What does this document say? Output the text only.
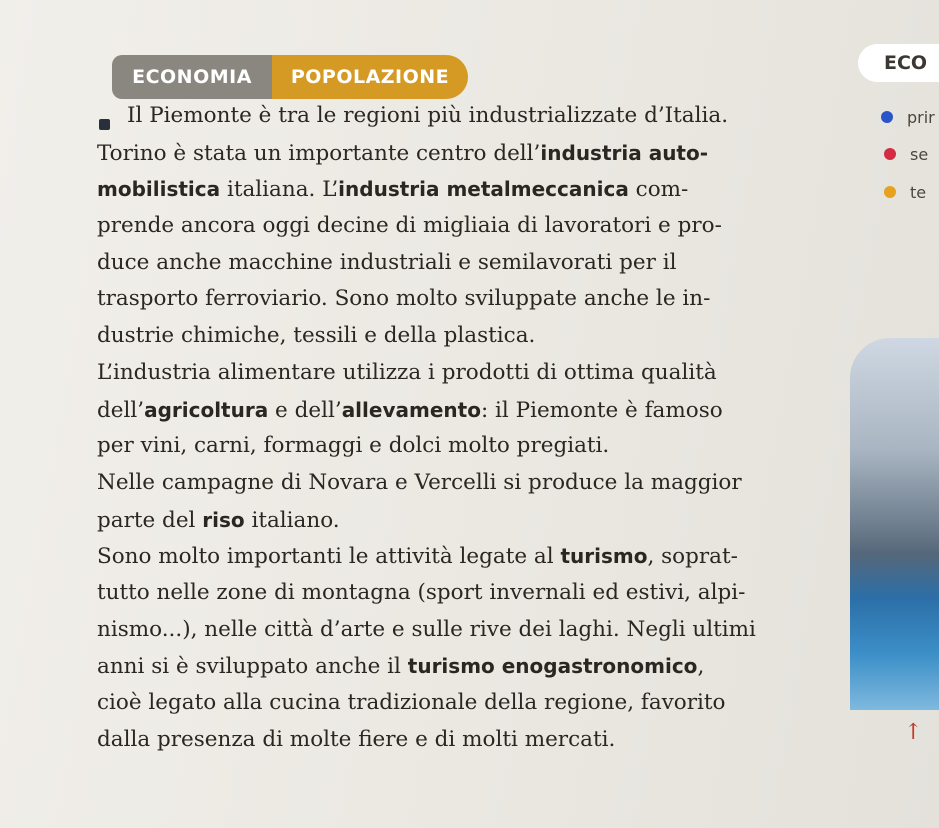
ECONOMIA POPOLAZIONE
ECO
prir
se
te
Il Piemonte è tra le regioni più industrializzate d’Italia.
Torino è stata un importante centro dell’industria auto-
mobilistica italiana. L’industria metalmeccanica com-
prende ancora oggi decine di migliaia di lavoratori e pro-
duce anche macchine industriali e semilavorati per il
trasporto ferroviario. Sono molto sviluppate anche le in-
dustrie chimiche, tessili e della plastica.
L’industria alimentare utilizza i prodotti di ottima qualità
dell’agricoltura e dell’allevamento: il Piemonte è famoso
per vini, carni, formaggi e dolci molto pregiati.
Nelle campagne di Novara e Vercelli si produce la maggior
parte del riso italiano.
Sono molto importanti le attività legate al turismo, soprat-
tutto nelle zone di montagna (sport invernali ed estivi, alpi-
nismo...), nelle città d’arte e sulle rive dei laghi. Negli ultimi
anni si è sviluppato anche il turismo enogastronomico,
cioè legato alla cucina tradizionale della regione, favorito
dalla presenza di molte fiere e di molti mercati.	↑
